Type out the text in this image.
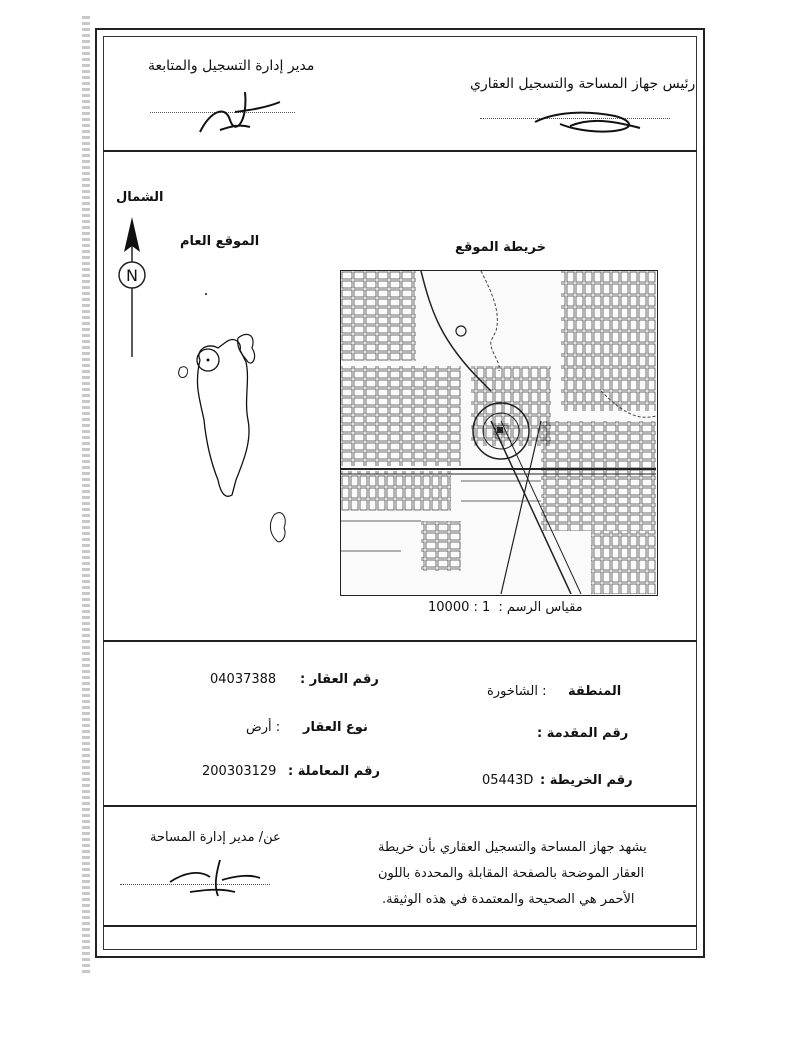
رئيس جهاز المساحة والتسجيل العقاري
مدير إدارة التسجيل والمتابعة
الشمال
N
الموقع العام	خريطة الموقع
مقياس الرسم : 10000 : 1
المنطقة
: الشاخورة
رقم العقار :
04037388
رقم المقدمة :
نوع العقار
: أرض
رقم الخريطة :
05443D
رقم المعاملة :
200303129
يشهد جهاز المساحة والتسجيل العقاري بأن خريطة
العقار الموضحة بالصفحة المقابلة والمحددة باللون
الأحمر هي الصحيحة والمعتمدة في هذه الوثيقة.
عن/ مدير إدارة المساحة
